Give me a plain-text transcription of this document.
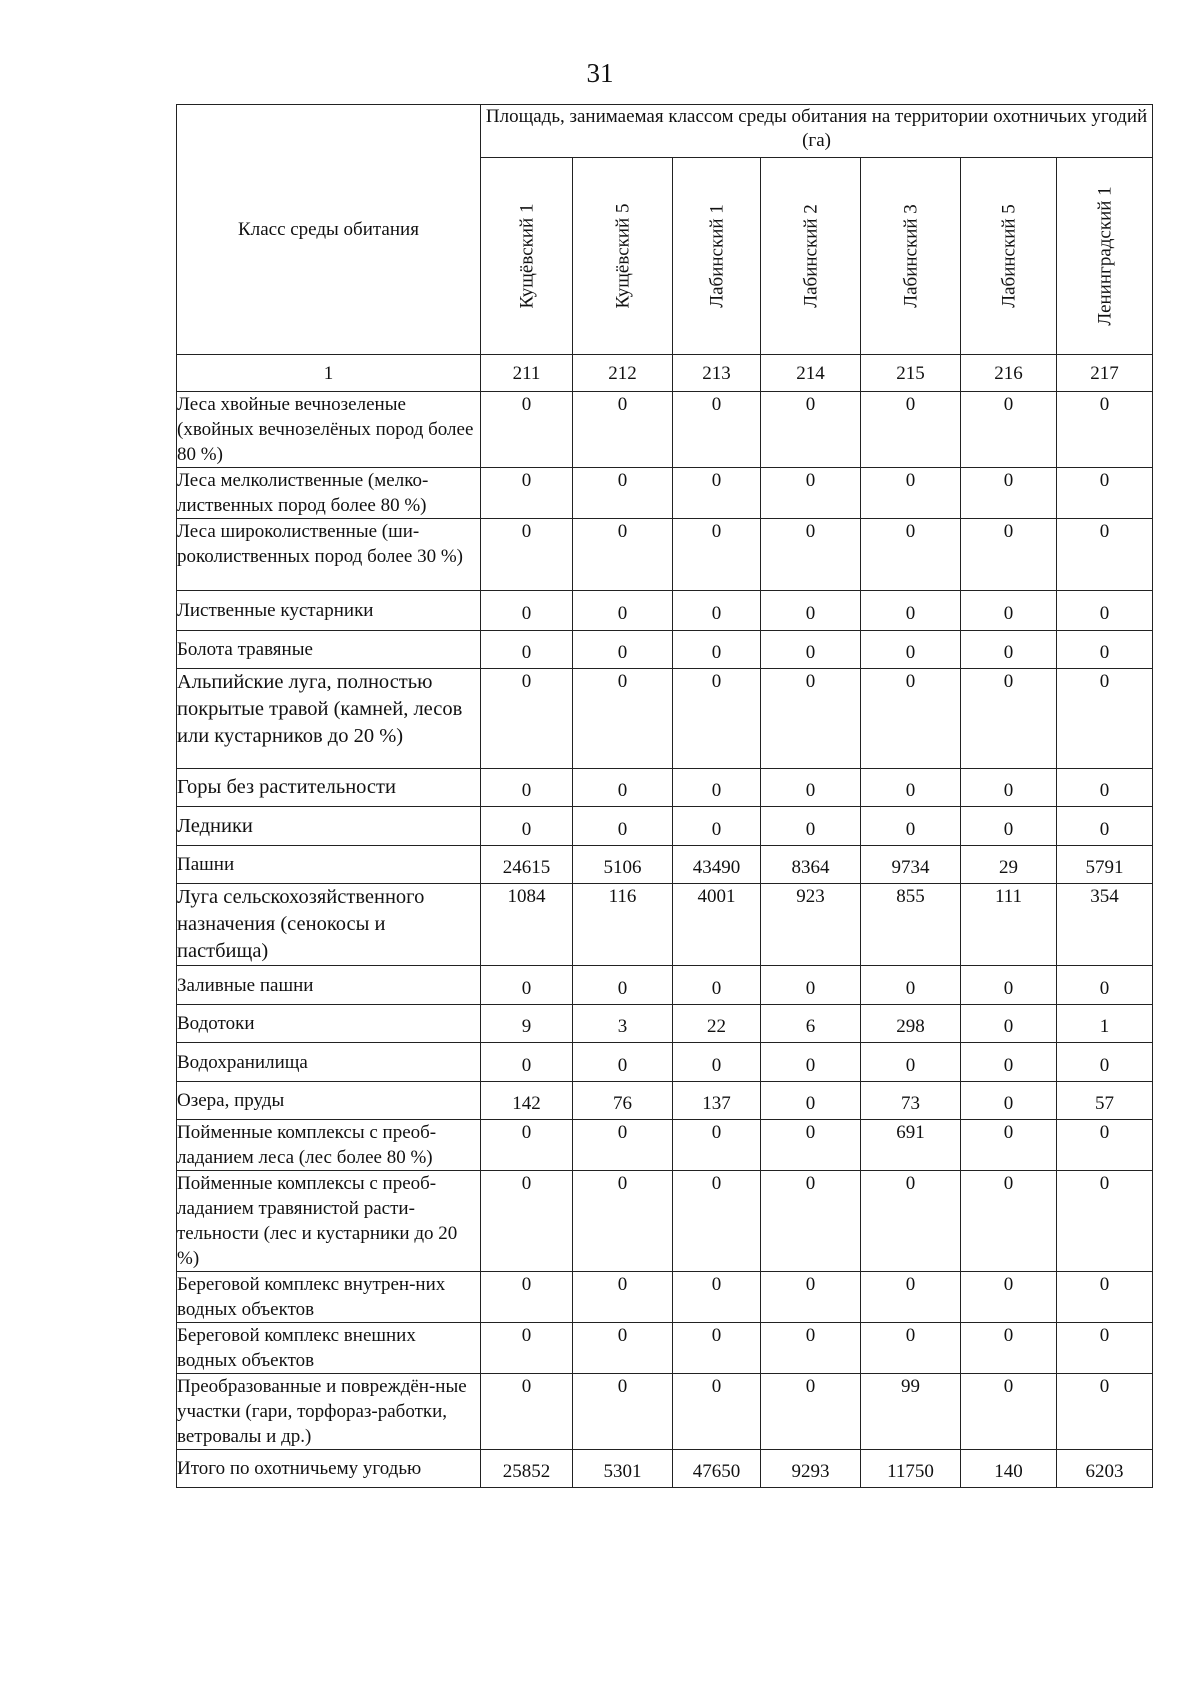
31
Класс среды обитания	Площадь, занимаемая классом среды обитания на территории охотничьих угодий (га)						

	Кущёвский 1	Кущёвский 5	Лабинский 1	Лабинский 2	Лабинский 3	Лабинский 5	Ленинградский 1

1	211	212	213	214	215	216	217
Леса хвойные вечнозеленые (хвойных вечнозелёных пород более 80 %)	0	0	0	0	0	0	0
Леса мелколиственные (мелко-лиственных пород более 80 %)	0	0	0	0	0	0	0
Леса широколиственные (ши-роколиственных пород более 30 %)	0	0	0	0	0	0	0
Лиственные кустарники	0	0	0	0	0	0	0
Болота травяные	0	0	0	0	0	0	0
Альпийские луга, полностью покрытые травой (камней, лесов или кустарников до 20 %)	0	0	0	0	0	0	0
Горы без растительности	0	0	0	0	0	0	0
Ледники	0	0	0	0	0	0	0
Пашни	24615	5106	43490	8364	9734	29	5791
Луга сельскохозяйственного назначения (сенокосы и пастбища)	1084	116	4001	923	855	111	354
Заливные пашни	0	0	0	0	0	0	0
Водотоки	9	3	22	6	298	0	1
Водохранилища	0	0	0	0	0	0	0
Озера, пруды	142	76	137	0	73	0	57
Пойменные комплексы с преоб-ладанием леса (лес более 80 %)	0	0	0	0	691	0	0
Пойменные комплексы с преоб-ладанием травянистой расти-тельности (лес и кустарники до 20 %)	0	0	0	0	0	0	0
Береговой комплекс внутрен-них водных объектов	0	0	0	0	0	0	0
Береговой комплекс внешних водных объектов	0	0	0	0	0	0	0
Преобразованные и повреждён-ные участки (гари, торфораз-работки, ветровалы и др.)	0	0	0	0	99	0	0
Итого по охотничьему угодью	25852	5301	47650	9293	11750	140	6203
